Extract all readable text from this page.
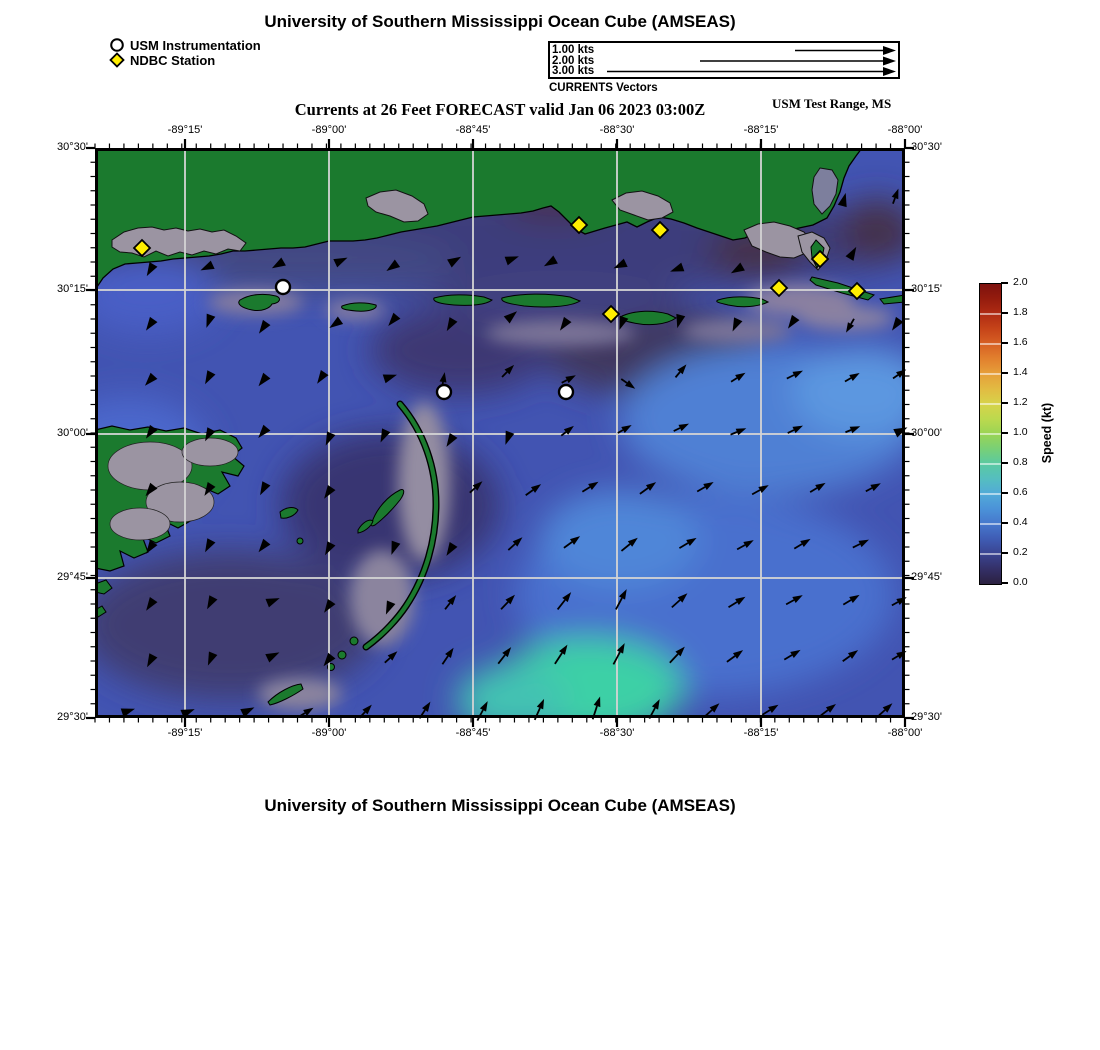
University of Southern Mississippi Ocean Cube (AMSEAS)
USM Instrumentation
NDBC Station
1.00 kts
2.00 kts
3.00 kts
CURRENTS Vectors
Currents at 26 Feet FORECAST valid Jan 06 2023 03:00Z	USM Test Range, MS
-89°15'
-89°15'
-89°00'
-89°00'
-88°45'
-88°45'
-88°30'
-88°30'
-88°15'
-88°15'
-88°00'
-88°00'
30°30'	30°30'
30°15'	30°15'
30°00'	30°00'
29°45'	29°45'
29°30'	29°30'
0.0
0.2
0.4
0.6
0.8
1.0
1.2
1.4
1.6
1.8
2.0
Speed (kt)
University of Southern Mississippi Ocean Cube (AMSEAS)
